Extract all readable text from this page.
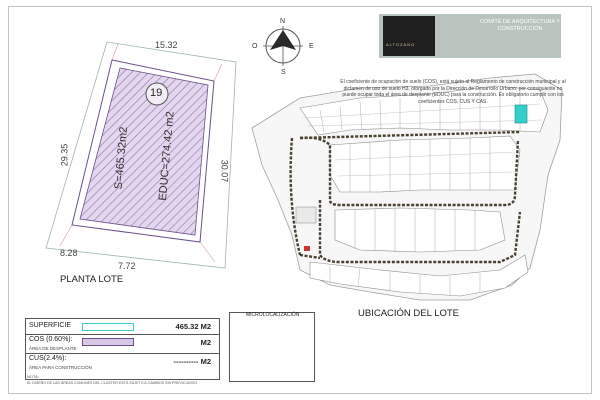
N
S
E
O	ALTOZANO
COMITÉ DE ARQUITECTURA Y CONSTRUCCIÓN
15.32
29.35
30.07
8.28
7.72
19
S=465.32m2 EDUC=274.42 m2
PLANTA LOTE
UBICACIÓN DEL LOTE
El coeficiente de ocupación de suelo (COS), está sujeto al Reglamento de construcción municipal y al dictamen de uso de suelo H3, otorgado por la Dirección de Desarrollo Urbano; por consiguiente no puede ocupar toda el área de desplante (EDUC) para la construcción. Es obligatorio cumplir con los coeficientes COS, CUS Y CAS.
SUPERFICIE	465.32 M2
COS (0.60%):
ÁREA DE DESPLANTE
M2
CUS(2.4%):
ÁREA PARA CONSTRUCCIÓN
---------- M2
NOTA:
EL DISEÑO DE LAS ÁREAS COMUNES DEL CLÚSTER ESTÁ SUJETO A CAMBIOS SIN PREVIO AVISO
MICROLOCALIZACIÓN
